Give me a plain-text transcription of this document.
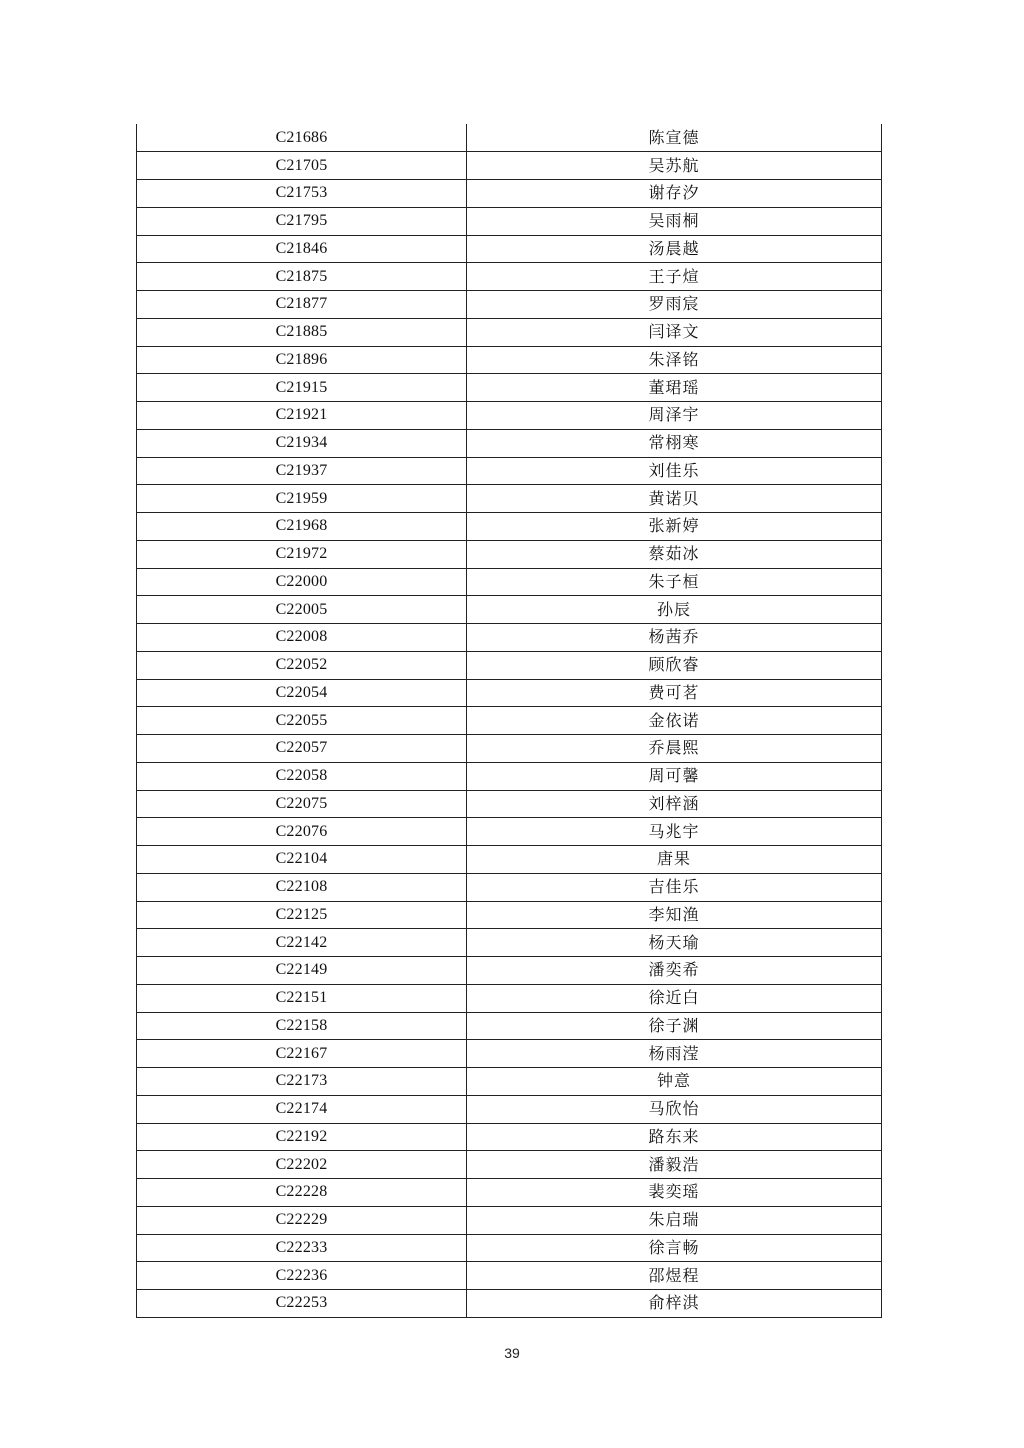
C21686	陈宣德
C21705	吴苏航
C21753	谢存汐
C21795	吴雨桐
C21846	汤晨越
C21875	王子煊
C21877	罗雨宸
C21885	闫译文
C21896	朱泽铭
C21915	董珺瑶
C21921	周泽宇
C21934	常栩寒
C21937	刘佳乐
C21959	黄诺贝
C21968	张新婷
C21972	蔡茹冰
C22000	朱子桓
C22005	孙辰
C22008	杨茜乔
C22052	顾欣睿
C22054	费可茗
C22055	金依诺
C22057	乔晨熙
C22058	周可馨
C22075	刘梓涵
C22076	马兆宇
C22104	唐果
C22108	吉佳乐
C22125	李知渔
C22142	杨天瑜
C22149	潘奕希
C22151	徐近白
C22158	徐子渊
C22167	杨雨滢
C22173	钟意
C22174	马欣怡
C22192	路东来
C22202	潘毅浩
C22228	裴奕瑶
C22229	朱启瑞
C22233	徐言畅
C22236	邵煜程
C22253	俞梓淇
39
